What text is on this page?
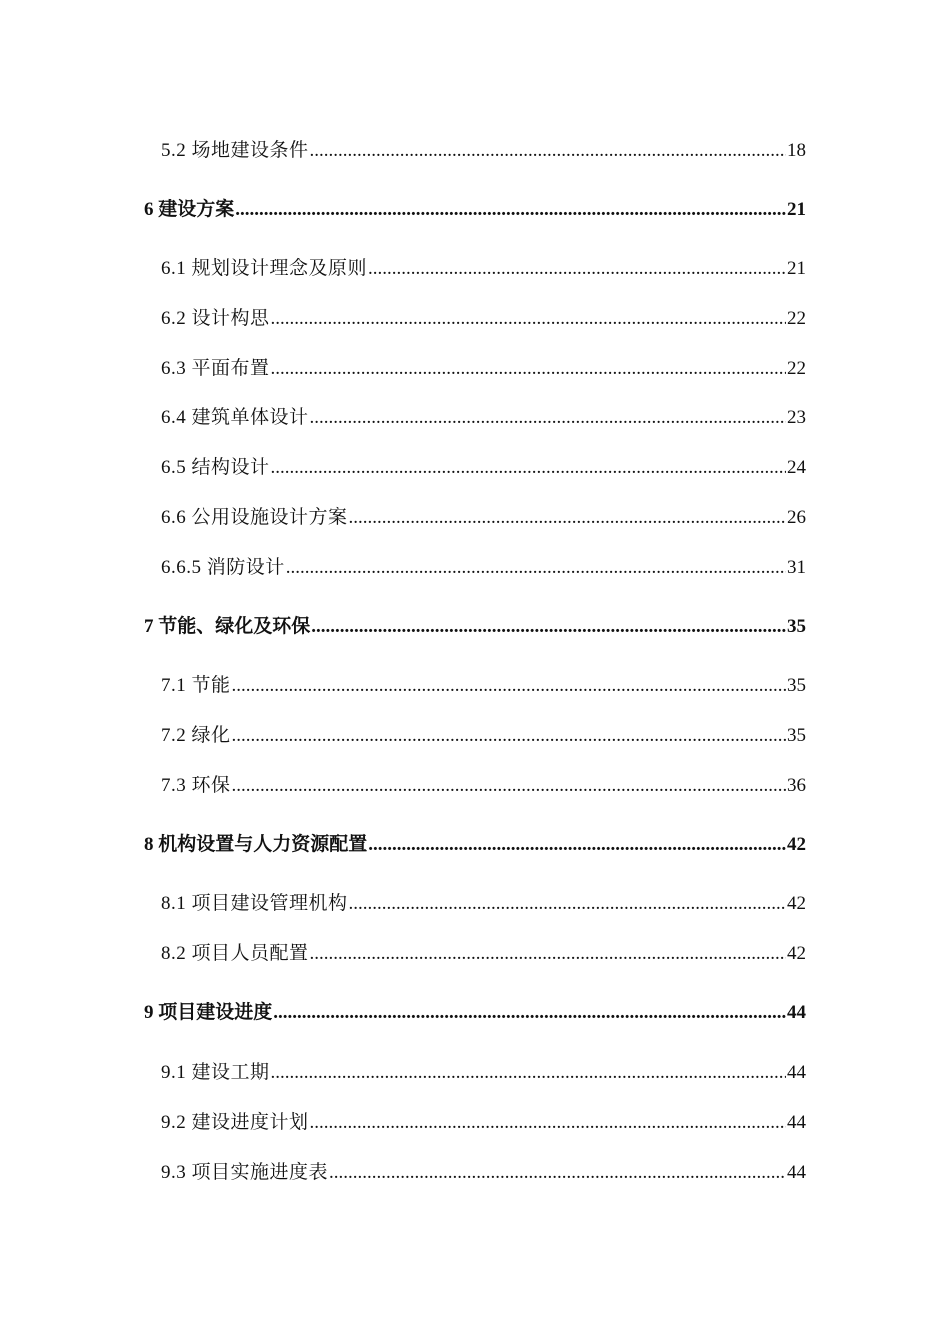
5.2 场地建设条件 .....	18
6 建设方案 .....	21
6.1 规划设计理念及原则 .....	21
6.2 设计构思 .....	22
6.3 平面布置 .....	22
6.4 建筑单体设计 .....	23
6.5 结构设计 .....	24
6.6 公用设施设计方案 .....	26
6.6.5 消防设计 .....	31
7 节能、绿化及环保 .....	35
7.1 节能 .....	35
7.2 绿化 .....	35
7.3 环保 .....	36
8 机构设置与人力资源配置 .....	42
8.1 项目建设管理机构 .....	42
8.2 项目人员配置 .....	42
9 项目建设进度 .....	44
9.1 建设工期 .....	44
9.2 建设进度计划 .....	44
9.3 项目实施进度表 .....	44
